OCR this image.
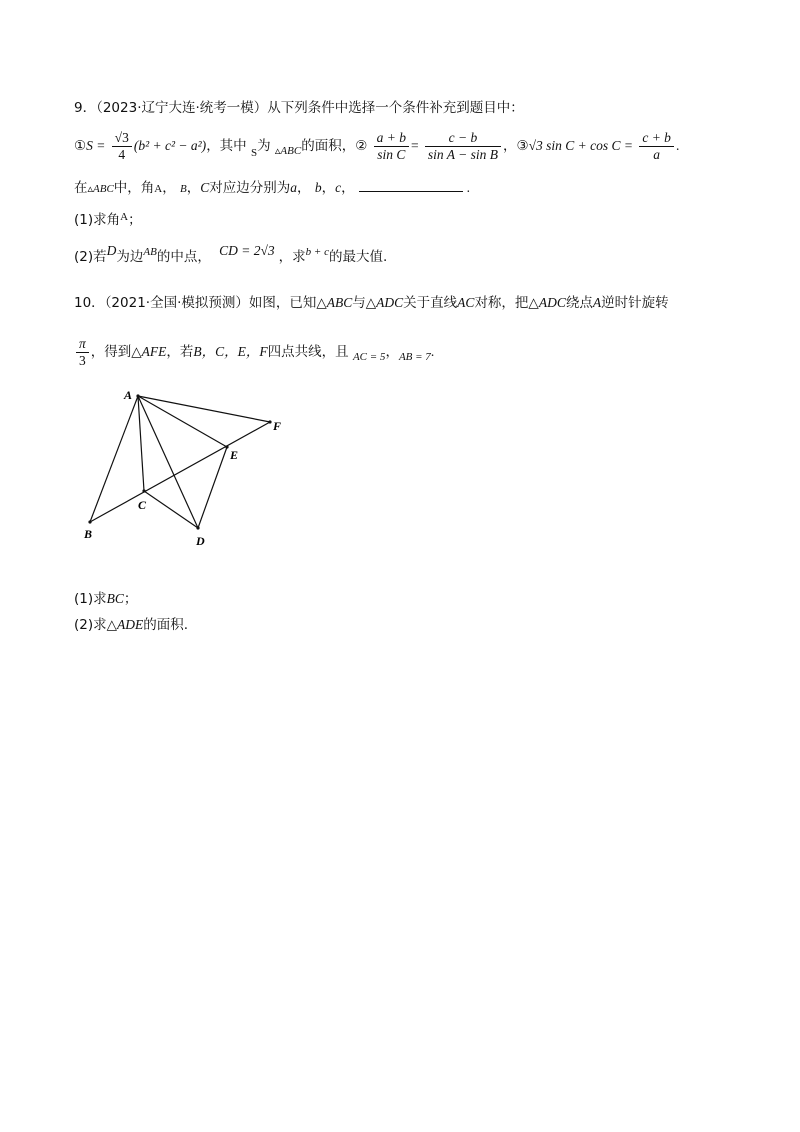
9．（2023·辽宁大连·统考一模）从下列条件中选择一个条件补充到题目中：
①S = $\frac{√3}{4} (b^2 + c^2 - a^2)$，其中 $_S$为 $_{▵ABC}$的面积，② $\frac{a + b}{\text{sin C}} = \frac{c - b}{\text{sin A − sin B}}$ ，③√3 $\sin C + \cos C = \frac{c + b}{a}$ .
在▵ABC中，角A， B，C对应边分别为a， b，c，	.
(1)求角$^A$；
(2)若D为边$^{AB}$的中点， CD = 2√3 ，求$^{b + c}$的最大值.
10．（2021·全国·模拟预测）如图，已知△ABC与△ADC关于直线AC对称，把△ADC绕点A逆时针旋转
$\frac{\pi}{3}$ ，得到△AFE，若B，C，E，F四点共线，且 $_{AC = 5}$，$_{AB = 7}$.
A
B
C
D
E
F
(1)求BC；
(2)求△ADE的面积.
